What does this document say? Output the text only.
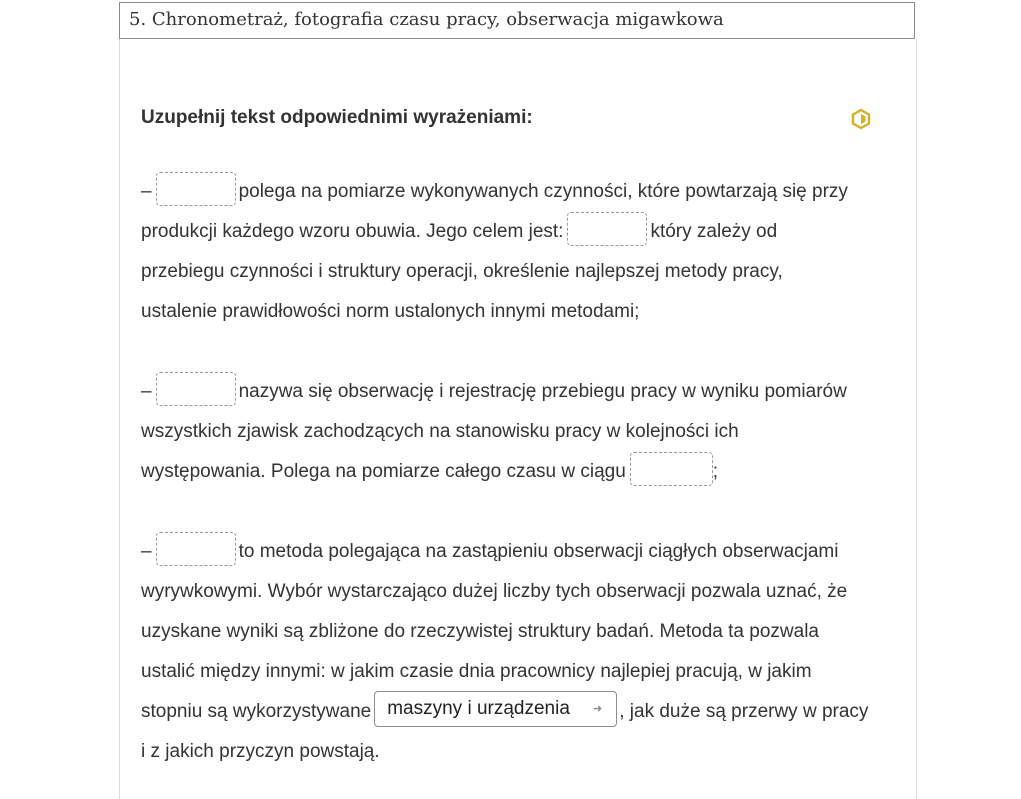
5. Chronometraż, fotografia czasu pracy, obserwacja migawkowa
Uzupełnij tekst odpowiednimi wyrażeniami:
–	polega na pomiarze wykonywanych czynności, które powtarzają się przy
produkcji każdego wzoru obuwia. Jego celem jest:	który zależy od
przebiegu czynności i struktury operacji, określenie najlepszej metody pracy,
ustalenie prawidłowości norm ustalonych innymi metodami;
–	nazywa się obserwację i rejestrację przebiegu pracy w wyniku pomiarów
wszystkich zjawisk zachodzących na stanowisku pracy w kolejności ich
występowania. Polega na pomiarze całego czasu w ciągu	;
–	to metoda polegająca na zastąpieniu obserwacji ciągłych obserwacjami
wyrywkowymi. Wybór wystarczająco dużej liczby tych obserwacji pozwala uznać, że
uzyskane wyniki są zbliżone do rzeczywistej struktury badań. Metoda ta pozwala
ustalić między innymi: w jakim czasie dnia pracownicy najlepiej pracują, w jakim
stopniu są wykorzystywane maszyny i urządzenia ➜ , jak duże są przerwy w pracy
i z jakich przyczyn powstają.
